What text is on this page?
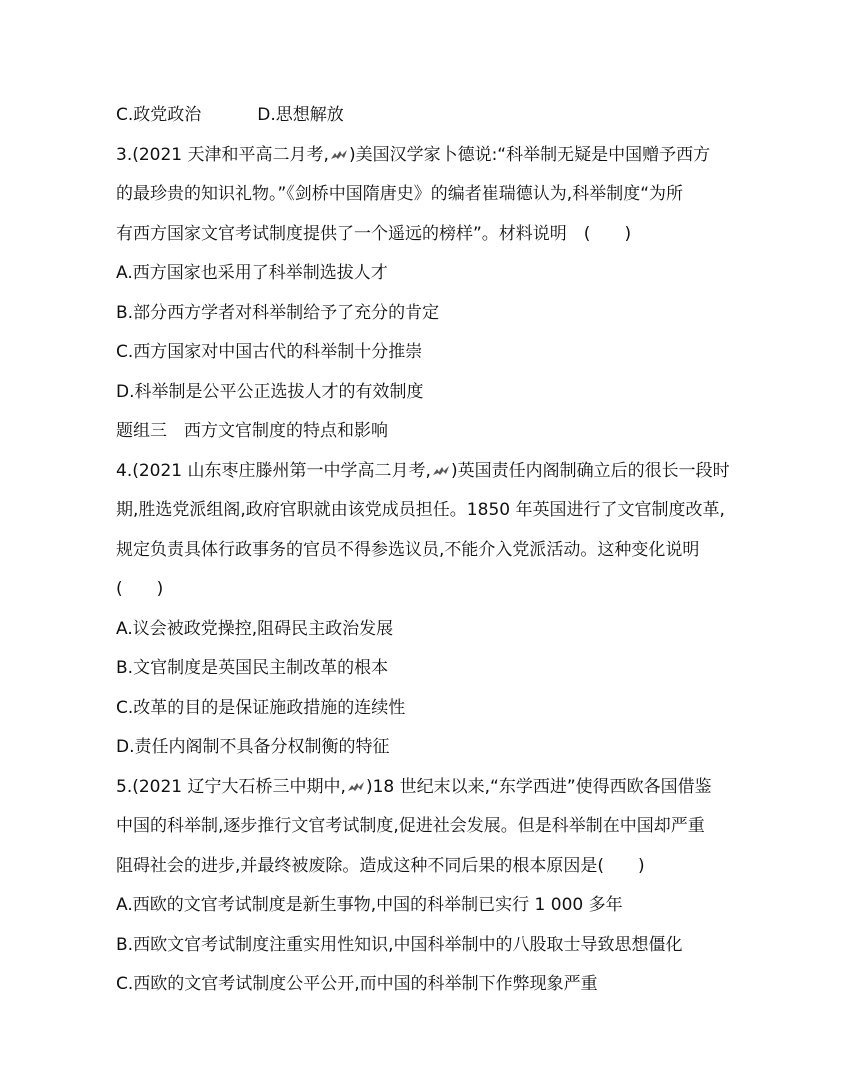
C.政党政治	D.思想解放
3.(2021 天津和平高二月考, )美国汉学家卜德说:“科举制无疑是中国赠予西方
的最珍贵的知识礼物。”《剑桥中国隋唐史》的编者崔瑞德认为,科举制度“为所
有西方国家文官考试制度提供了一个遥远的榜样”。材料说明　(　　)
A.西方国家也采用了科举制选拔人才
B.部分西方学者对科举制给予了充分的肯定
C.西方国家对中国古代的科举制十分推崇
D.科举制是公平公正选拔人才的有效制度
题组三　西方文官制度的特点和影响
4.(2021 山东枣庄滕州第一中学高二月考, )英国责任内阁制确立后的很长一段时
期,胜选党派组阁,政府官职就由该党成员担任。1850 年英国进行了文官制度改革,
规定负责具体行政事务的官员不得参选议员,不能介入党派活动。这种变化说明
(　　)
A.议会被政党操控,阻碍民主政治发展
B.文官制度是英国民主制改革的根本
C.改革的目的是保证施政措施的连续性
D.责任内阁制不具备分权制衡的特征
5.(2021 辽宁大石桥三中期中, )18 世纪末以来,“东学西进”使得西欧各国借鉴
中国的科举制,逐步推行文官考试制度,促进社会发展。但是科举制在中国却严重
阻碍社会的进步,并最终被废除。造成这种不同后果的根本原因是(　　)
A.西欧的文官考试制度是新生事物,中国的科举制已实行 1 000 多年
B.西欧文官考试制度注重实用性知识,中国科举制中的八股取士导致思想僵化
C.西欧的文官考试制度公平公开,而中国的科举制下作弊现象严重
